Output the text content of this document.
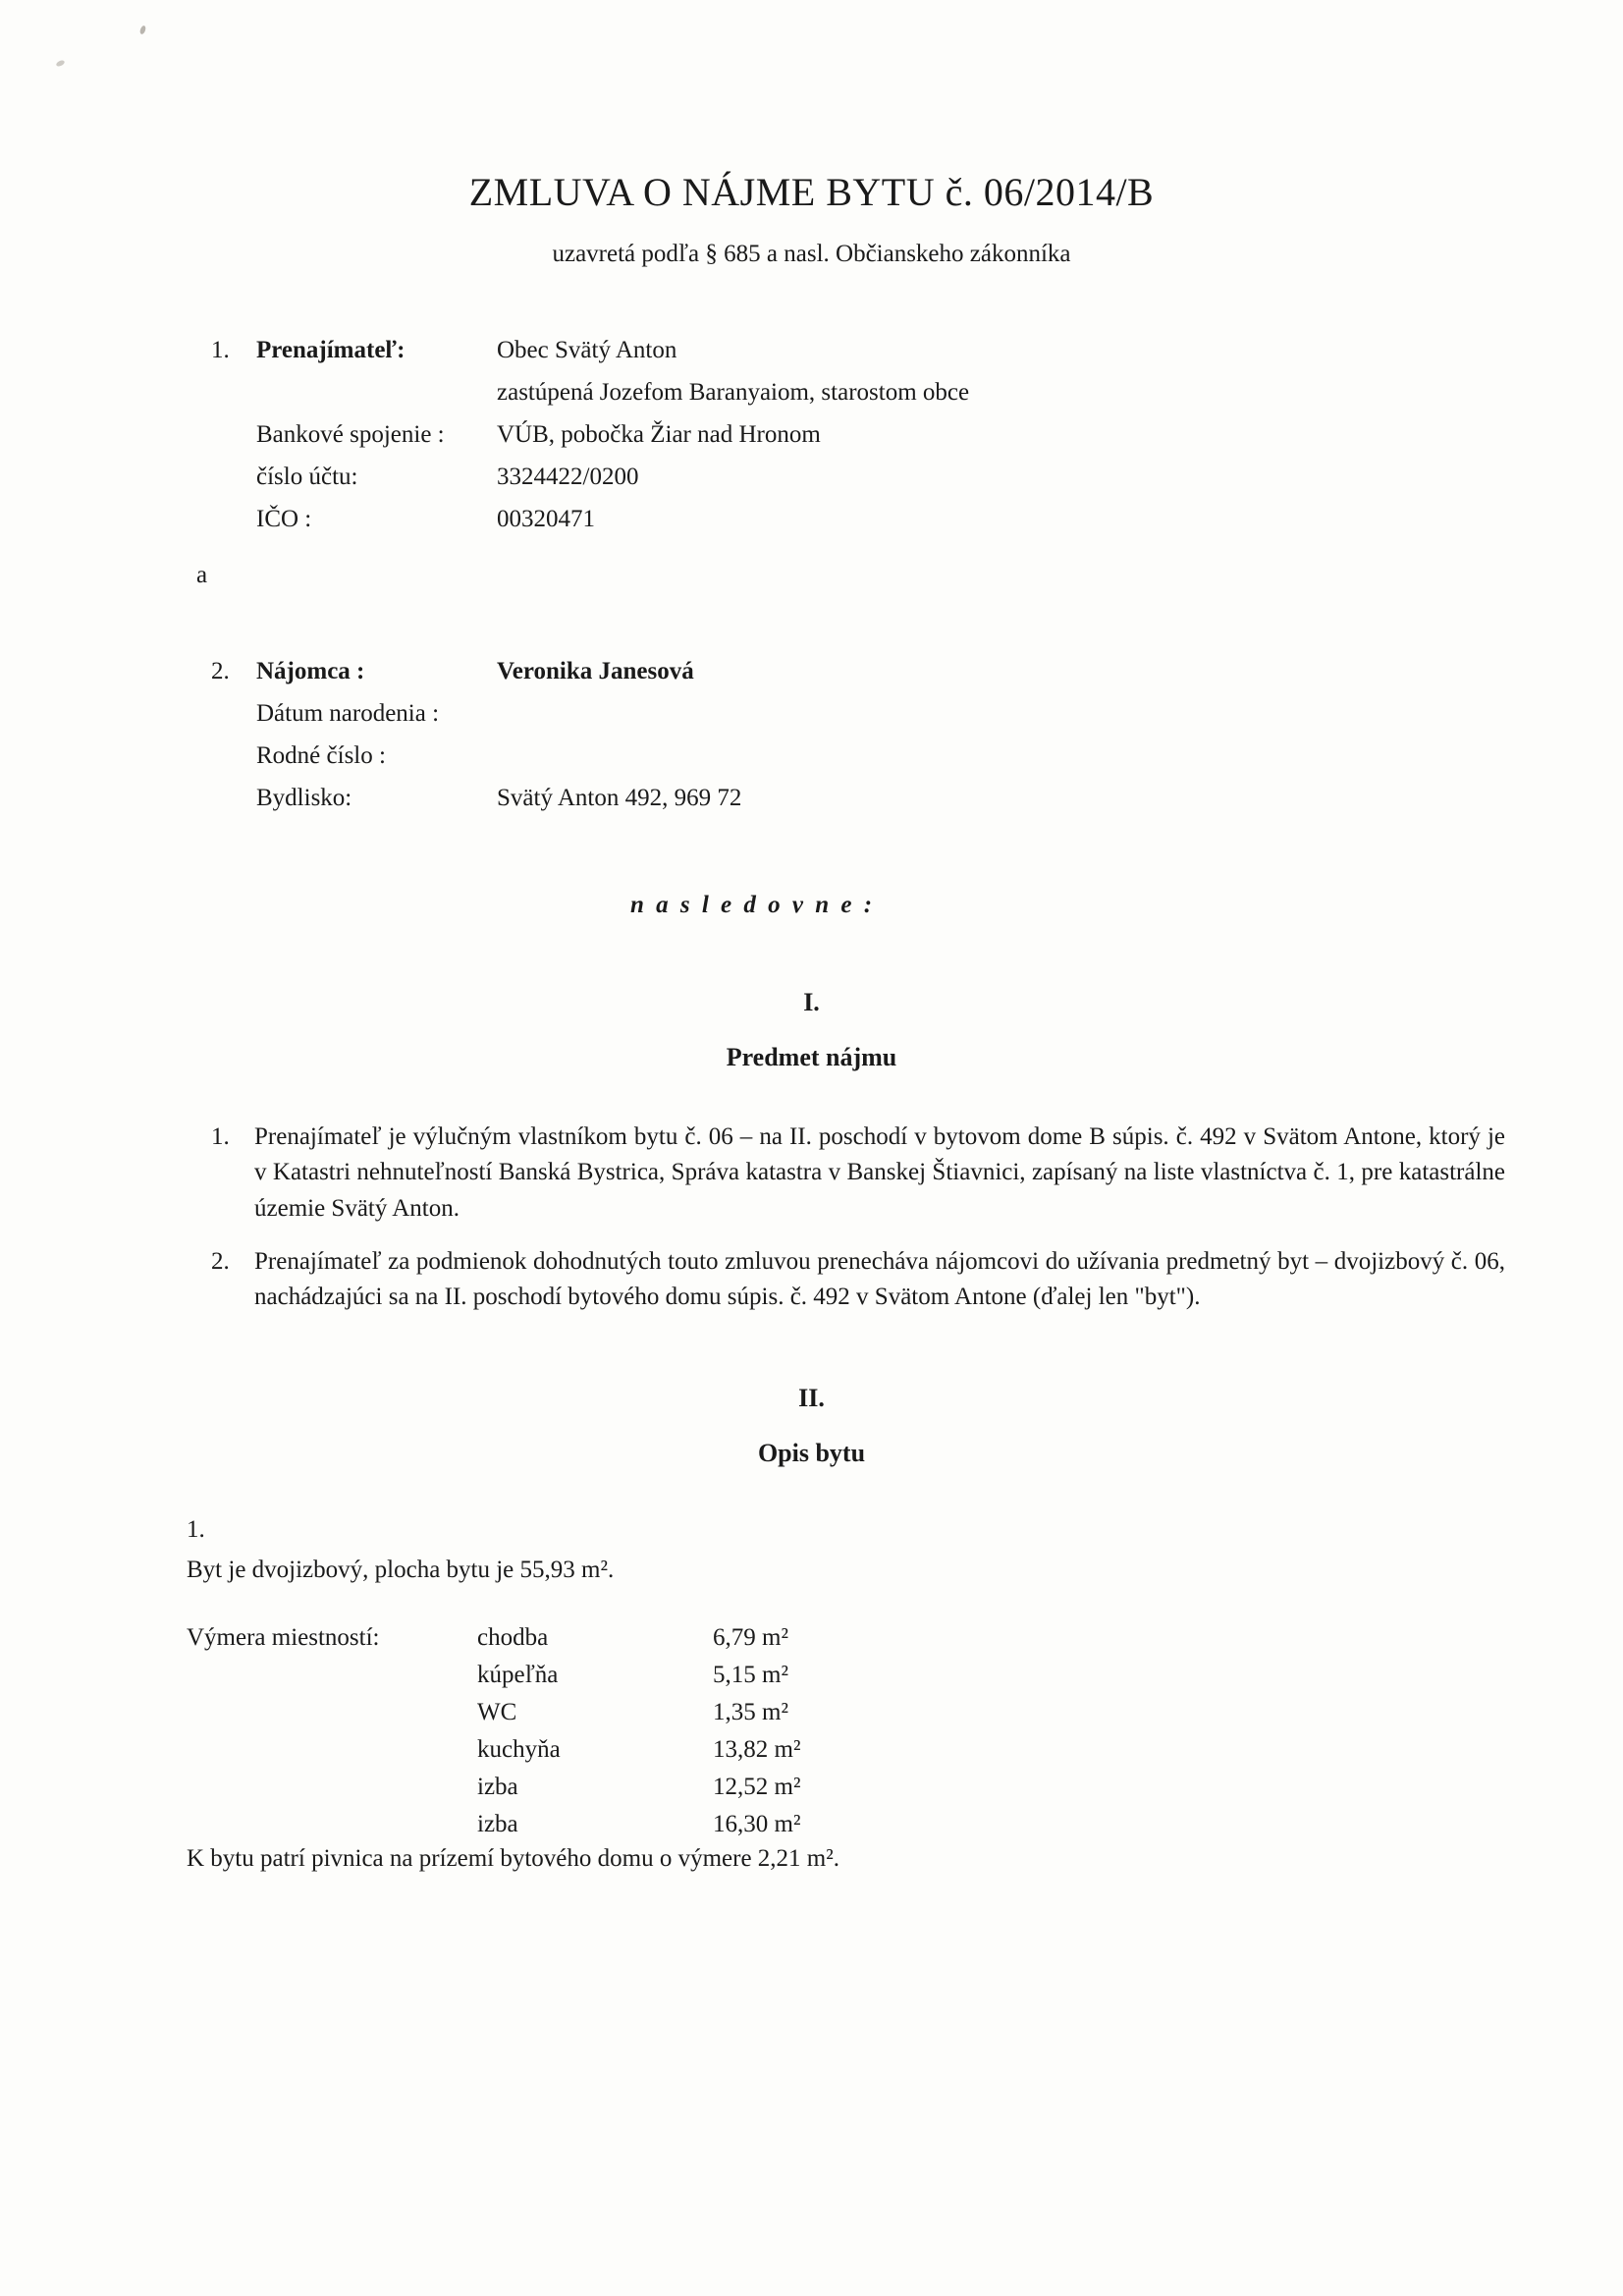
ZMLUVA O NÁJME BYTU č. 06/2014/B
uzavretá podľa § 685 a nasl. Občianskeho zákonníka
1.	Prenajímateľ:	Obec Svätý Anton
zastúpená Jozefom Baranyaiom, starostom obce
Bankové spojenie :	VÚB, pobočka Žiar nad Hronom
číslo účtu:	3324422/0200
IČO :	00320471
a
2.	Nájomca :	Veronika Janesová
Dátum narodenia :
Rodné číslo :
Bydlisko:	Svätý Anton 492, 969 72
n a s l e d o v n e :
I.
Predmet nájmu
1.	Prenajímateľ je výlučným vlastníkom bytu č. 06 – na II. poschodí v bytovom dome B súpis. č. 492 v Svätom Antone, ktorý je v Katastri nehnuteľností Banská Bystrica, Správa katastra v Banskej Štiavnici, zapísaný na liste vlastníctva č. 1, pre katastrálne územie Svätý Anton.
2.	Prenajímateľ za podmienok dohodnutých touto zmluvou prenecháva nájomcovi do užívania predmetný byt – dvojizbový č. 06, nachádzajúci sa na II. poschodí bytového domu súpis. č. 492 v Svätom Antone (ďalej len "byt").
II.
Opis bytu
1.
Byt je dvojizbový, plocha bytu je 55,93 m².
Výmera miestností:	chodba	6,79 m²
kúpeľňa	5,15 m²
WC	1,35 m²
kuchyňa	13,82 m²
izba	12,52 m²
izba	16,30 m²
K bytu patrí pivnica na prízemí bytového domu o výmere 2,21 m².
